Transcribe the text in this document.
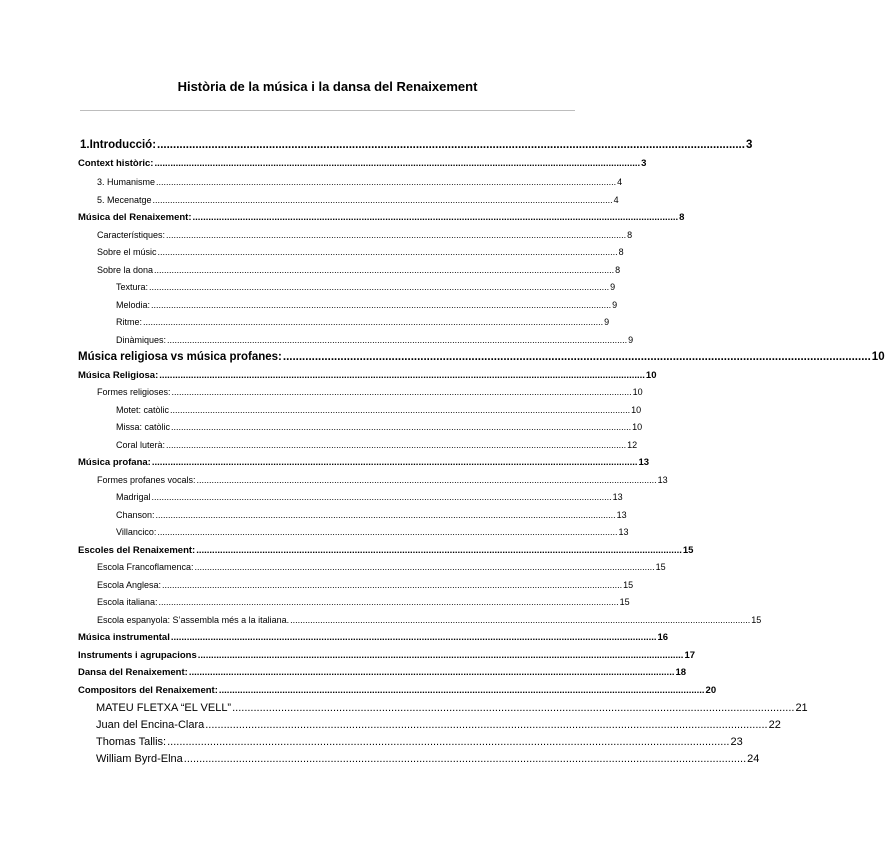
Història de la música i la dansa del Renaixement
1.Introducció: ........................................................................................................................................................................................ 3
Context històric: ........................................................................................................................................................................................ 3
3. Humanisme ........................................................................................................................................................................................ 4
5. Mecenatge ........................................................................................................................................................................................ 4
Música del Renaixement: ........................................................................................................................................................................................ 8
Característiques: ........................................................................................................................................................................................ 8
Sobre el músic ........................................................................................................................................................................................ 8
Sobre la dona ........................................................................................................................................................................................ 8
Textura: ........................................................................................................................................................................................ 9
Melodia: ........................................................................................................................................................................................ 9
Ritme: ........................................................................................................................................................................................ 9
Dinàmiques: ........................................................................................................................................................................................ 9
Música religiosa vs música profanes: ........................................................................................................................................................................................ 10
Música Religiosa: ........................................................................................................................................................................................ 10
Formes religioses: ........................................................................................................................................................................................ 10
Motet: catòlic ........................................................................................................................................................................................ 10
Missa: catòlic ........................................................................................................................................................................................ 10
Coral luterà: ........................................................................................................................................................................................ 12
Música profana: ........................................................................................................................................................................................ 13
Formes profanes vocals: ........................................................................................................................................................................................ 13
Madrigal ........................................................................................................................................................................................ 13
Chanson: ........................................................................................................................................................................................ 13
Villancico: ........................................................................................................................................................................................ 13
Escoles del Renaixement: ........................................................................................................................................................................................ 15
Escola Francoflamenca: ........................................................................................................................................................................................ 15
Escola Anglesa: ........................................................................................................................................................................................ 15
Escola italiana: ........................................................................................................................................................................................ 15
Escola espanyola: S’assembla més a la italiana. ........................................................................................................................................................................................ 15
Música instrumental ........................................................................................................................................................................................ 16
Instruments i agrupacions ........................................................................................................................................................................................ 17
Dansa del Renaixement: ........................................................................................................................................................................................ 18
Compositors del Renaixement: ........................................................................................................................................................................................ 20
MATEU FLETXA “EL VELL” ........................................................................................................................................................................................ 21
Juan del Encina-Clara ........................................................................................................................................................................................ 22
Thomas Tallis: ........................................................................................................................................................................................ 23
William Byrd-Elna ........................................................................................................................................................................................ 24
